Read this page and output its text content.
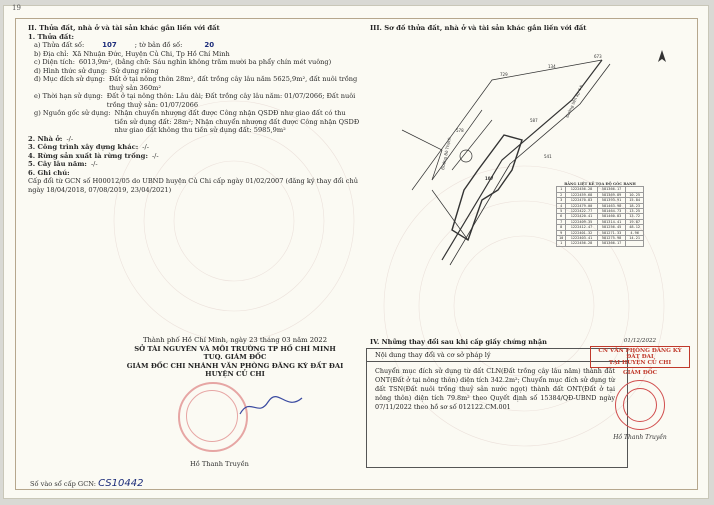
II. Thửa đất, nhà ở và tài sản khác gắn liền với đất
1. Thửa đất:
a) Thửa đất số:	107	; tờ bản đồ số:	20
b) Địa chỉ: Xã Nhuận Đức, Huyện Củ Chi, Tp Hồ Chí Minh
c) Diện tích: 6013,9m², (bằng chữ: Sáu nghìn không trăm mười ba phẩy chín mét vuông)
d) Hình thức sử dụng: Sử dụng riêng
đ) Mục đích sử dụng: Đất ở tại nông thôn 28m², đất trồng cây lâu năm 5625,9m², đất nuôi trồng thuỷ sản 360m²
e) Thời hạn sử dụng: Đất ở tại nông thôn: Lâu dài; Đất trồng cây lâu năm: 01/07/2066; Đất nuôi trồng thuỷ sản: 01/07/2066
g) Nguồn gốc sử dụng: Nhận chuyển nhượng đất được Công nhận QSDĐ như giao đất có thu tiền sử dụng đất: 28m²; Nhận chuyển nhượng đất được Công nhận QSDĐ như giao đất không thu tiền sử dụng đất: 5985,9m²
2. Nhà ở: -/-
3. Công trình xây dựng khác: -/-
4. Rừng sản xuất là rừng trồng: -/-
5. Cây lâu năm: -/-
6. Ghi chú:
Cấp đổi từ GCN số H00012/05 do UBND huyện Củ Chi cấp ngày 01/02/2007 (đăng ký thay đổi chủ ngày 18/04/2018, 07/08/2019, 23/04/2021)
Thành phố Hồ Chí Minh, ngày 23 tháng 03 năm 2022
SỞ TÀI NGUYÊN VÀ MÔI TRƯỜNG TP HỒ CHÍ MINH
TUQ. GIÁM ĐỐC
GIÁM ĐỐC CHI NHÁNH VĂN PHÒNG ĐĂNG KÝ ĐẤT ĐAI
HUYỆN CỦ CHI
Hồ Thanh Truyền
Số vào sổ cấp GCN: CS10442
III. Sơ đồ thửa đất, nhà ở và tài sản khác gắn liền với đất
729
134
673
578
587
541
107
Đường Bờ Thạch
Đường liên ấp 4-5
BẢNG LIỆT KÊ TỌA ĐỘ GÓC RANH
1	1222456.28	581366.17	
2	1222459.68	581369.89	10.25
3	1222470.83	581393.91	15.84
4	1222479.00	581463.98	18.23
5	1222422.77	581464.73	13.25
6	1222420.41	581460.83	13.72
7	1222409.35	581314.41	19.87
8	1222412.47	581256.45	48.12
9	1222401.32	581271.33	4.96
10	1222403.41	581275.98	14.21
1	1222456.28	581366.17	
IV. Những thay đổi sau khi cấp giấy chứng nhận
Nội dung thay đổi và cơ sở pháp lý
Chuyển mục đích sử dụng từ đất CLN(Đất trồng cây lâu năm) thành đất ONT(Đất ở tại nông thôn) diện tích 342.2m²; Chuyển mục đích sử dụng từ đất TSN(Đất nuôi trồng thuỷ sản nước ngọt) thành đất ONT(Đất ở tại nông thôn) diện tích 79.8m² theo Quyết định số 15384/QĐ-UBND ngày 07/11/2022 theo hồ sơ số 012122.CM.001
01/12/2022
CN VĂN PHÒNG ĐĂNG KÝ ĐẤT ĐAI
TẠI HUYỆN CỦ CHI
GIÁM ĐỐC
Hồ Thanh Truyền
19
